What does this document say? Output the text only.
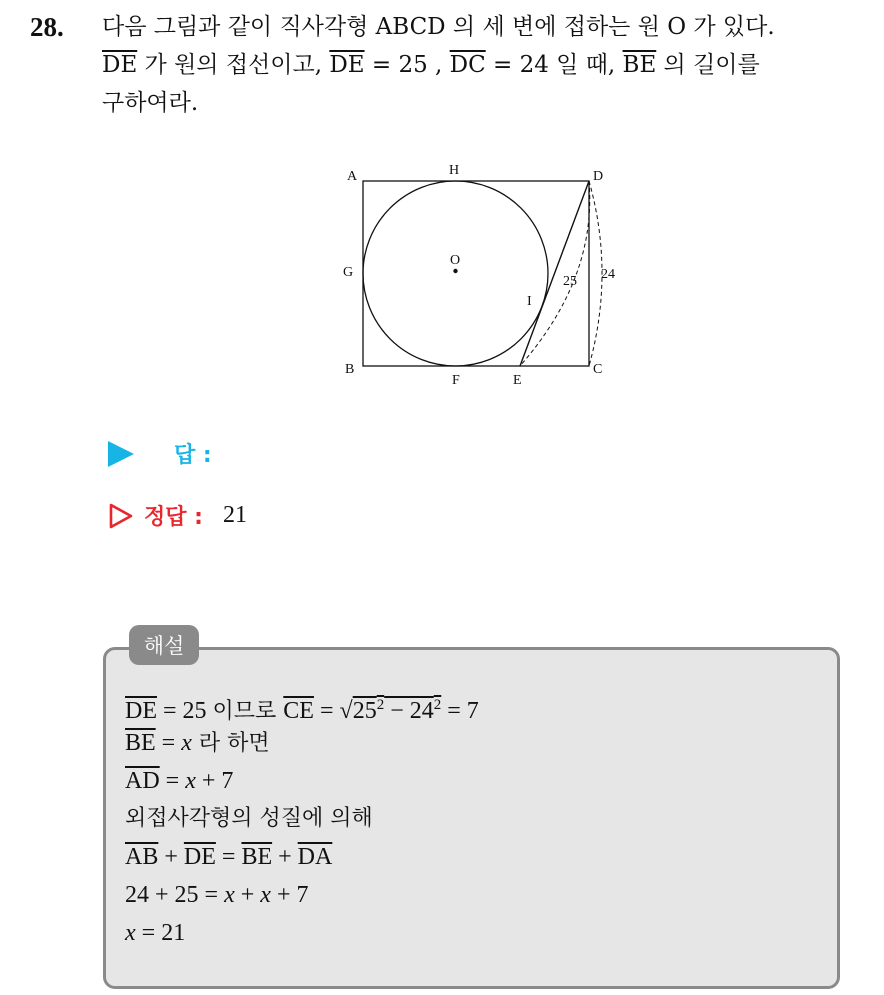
28. 다음 그림과 같이 직사각형 ABCD 의 세 변에 접하는 원 O 가 있다.
$\overline{DE}$ 가 원의 접선이고, $\overline{DE} = 25$ , $\overline{DC} = 24$ 일 때, $\overline{BE}$ 의 길이를
구하여라.
A	H	D
G
O
I
25 24
B
F	E
C
답 :
정답 : 21
해설
$\overline{DE} = 25$ 이므로 $\overline{CE} = √25^2 - 24^2 = 7$
$\overline{BE} = x$ 라 하면
$\overline{AD} = x + 7$
외접사각형의 성질에 의해
$\overline{AB} + \overline{DE} = \overline{BE} + \overline{DA}$
24 + 25 = x + x + 7
x = 21
